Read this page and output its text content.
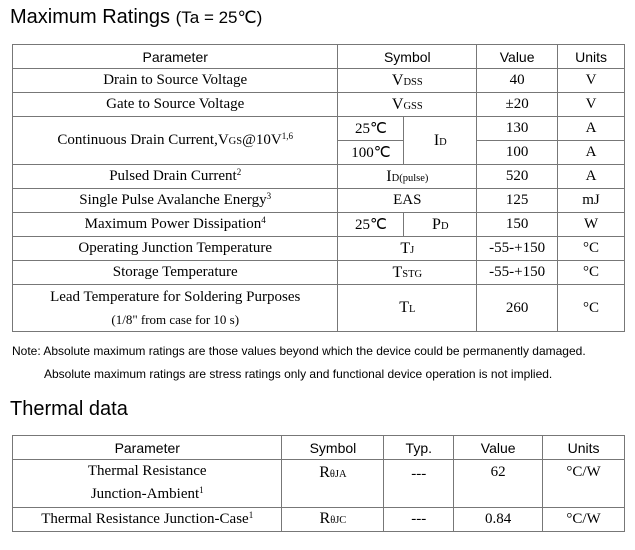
Maximum Ratings (Ta = 25℃)
Parameter	Symbol		Value	Units
Drain to Source Voltage	VDSS		40	V
Gate to Source Voltage	VGSS		±20	V
Continuous Drain $Current,VGS@10V^{1,6}$	25℃	ID	130	A
	100℃		100	A
Pulsed Drain Current$^2$	ID(pulse)		520	A
Single Pulse Avalanche Energy$^3$	EAS		125	mJ
Maximum Power Dissipation$^4$	25℃	PD	150	W
Operating Junction Temperature	TJ		-55-+150	°C
Storage Temperature	TSTG		-55-+150	°C

Lead Temperature for Soldering Purposes
(1/8" from case for 10 s)	TL		260	°C
Note: Absolute maximum ratings are those values beyond which the device could be permanently damaged.
Absolute maximum ratings are stress ratings only and functional device operation is not implied.
Thermal data
Parameter	Symbol	Typ.	Value	Units

Thermal Resistance
Junction-Ambient$^1$	RθJA	---	62	°C/W
Thermal Resistance Junction-Case$^1$	RθJC	---	0.84	°C/W
